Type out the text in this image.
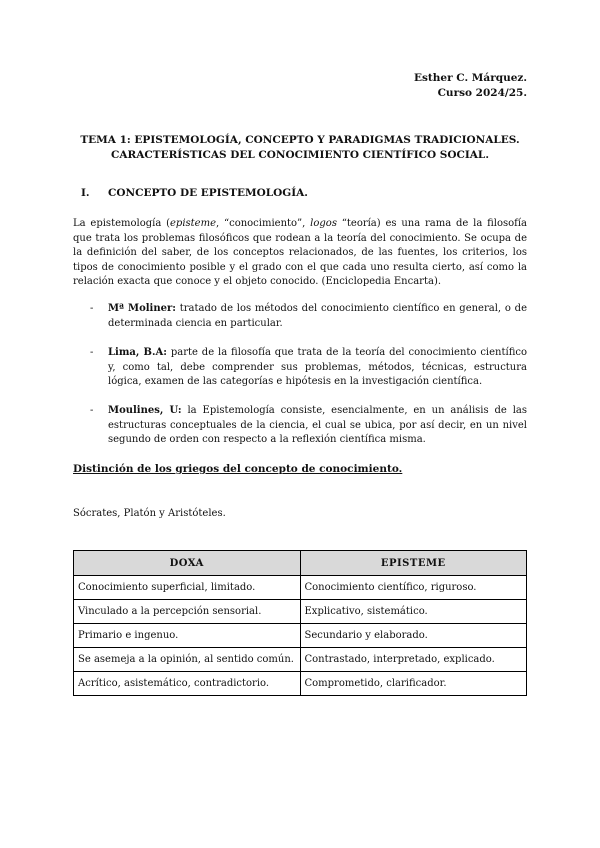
Esther C. Márquez.
Curso 2024/25.
TEMA 1: EPISTEMOLOGÍA, CONCEPTO Y PARADIGMAS TRADICIONALES.
CARACTERÍSTICAS DEL CONOCIMIENTO CIENTÍFICO SOCIAL.
I. CONCEPTO DE EPISTEMOLOGÍA.
La epistemología (episteme, “conocimiento”, logos “teoría) es una rama de la filosofía que trata los problemas filosóficos que rodean a la teoría del conocimiento. Se ocupa de la definición del saber, de los conceptos relacionados, de las fuentes, los criterios, los tipos de conocimiento posible y el grado con el que cada uno resulta cierto, así como la relación exacta que conoce y el objeto conocido. (Enciclopedia Encarta).
-	Mª Moliner: tratado de los métodos del conocimiento científico en general, o de determinada ciencia en particular.
-	Lima, B.A: parte de la filosofía que trata de la teoría del conocimiento científico y, como tal, debe comprender sus problemas, métodos, técnicas, estructura lógica, examen de las categorías e hipótesis en la investigación científica.
-	Moulines, U: la Epistemología consiste, esencialmente, en un análisis de las estructuras conceptuales de la ciencia, el cual se ubica, por así decir, en un nivel segundo de orden con respecto a la reflexión científica misma.
Distinción de los griegos del concepto de conocimiento.
Sócrates, Platón y Aristóteles.
DOXA	EPISTEME
Conocimiento superficial, limitado.	Conocimiento científico, riguroso.
Vinculado a la percepción sensorial.	Explicativo, sistemático.
Primario e ingenuo.	Secundario y elaborado.
Se asemeja a la opinión, al sentido común.	Contrastado, interpretado, explicado.
Acrítico, asistemático, contradictorio.	Comprometido, clarificador.
